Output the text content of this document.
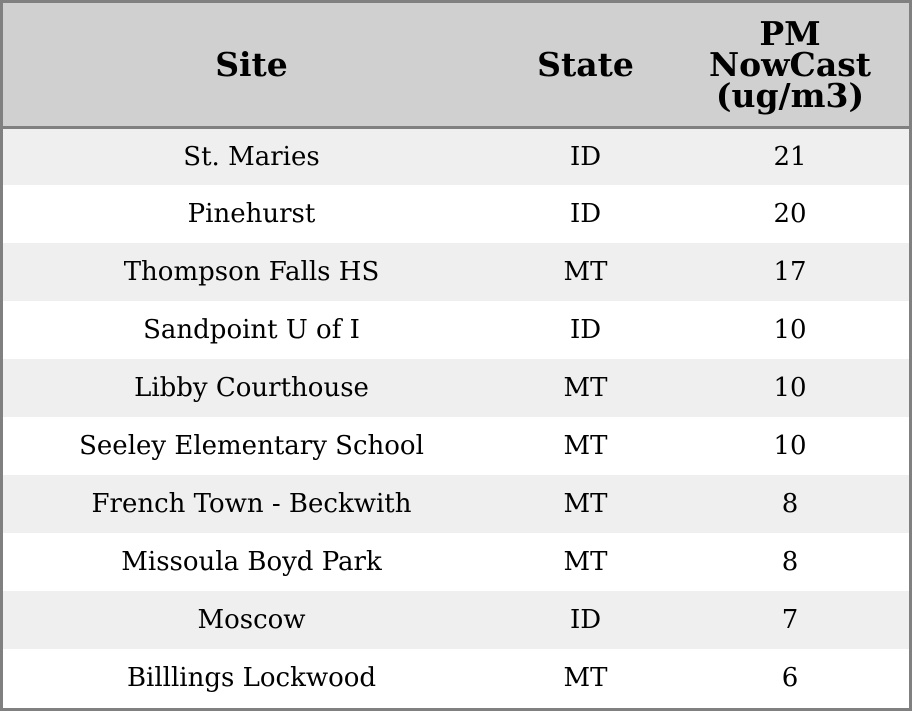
Site	State	PM
NowCast
(ug/m3)

St. Maries	ID	21
Pinehurst	ID	20
Thompson Falls HS	MT	17
Sandpoint U of I	ID	10
Libby Courthouse	MT	10
Seeley Elementary School	MT	10
French Town - Beckwith	MT	8
Missoula Boyd Park	MT	8
Moscow	ID	7
Billlings Lockwood	MT	6
